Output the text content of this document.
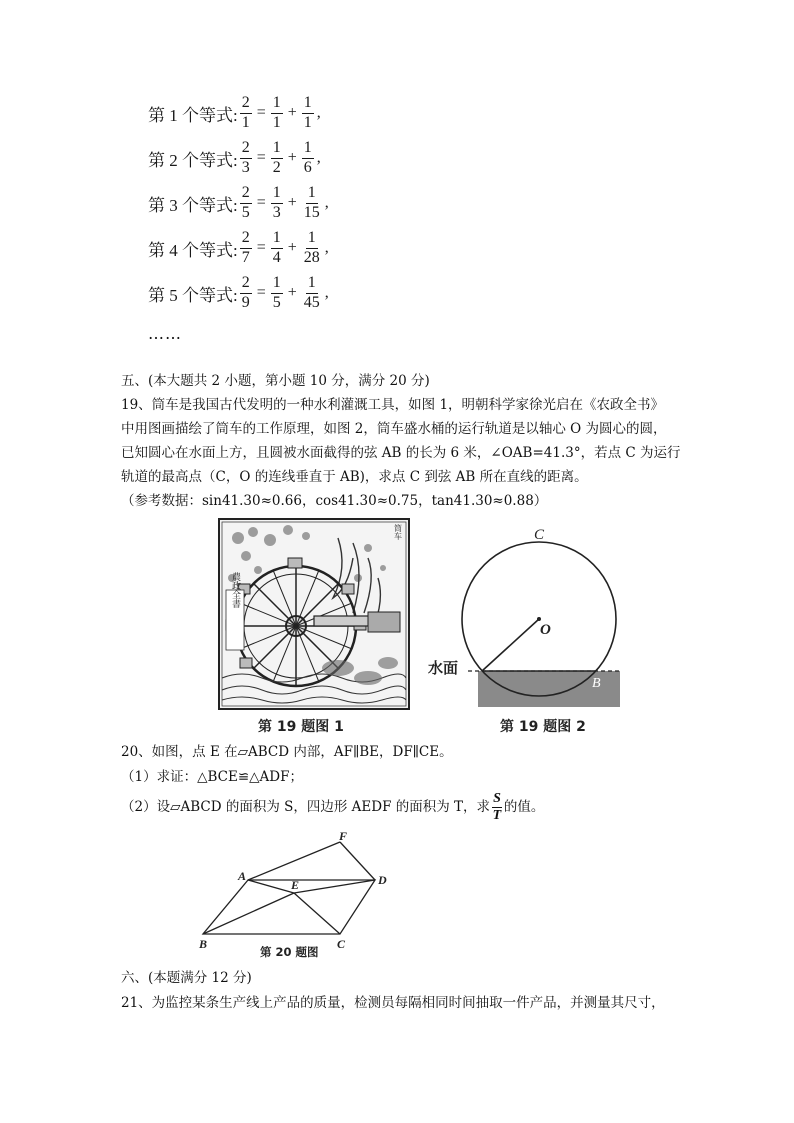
第 1 个等式: $\frac{2}{1} = \frac{1}{1} + \frac{1}{1}$ ,
第 2 个等式: $\frac{2}{3} = \frac{1}{2} + \frac{1}{6}$ ,
第 3 个等式: $\frac{2}{5} = \frac{1}{3} + \frac{1}{15}$ ,
第 4 个等式: $\frac{2}{7} = \frac{1}{4} + \frac{1}{28}$ ,
第 5 个等式: $\frac{2}{9} = \frac{1}{5} + \frac{1}{45}$ ,
……
五、(本大题共 2 小题，第小题 10 分，满分 20 分)
19、筒车是我国古代发明的一种水利灌溉工具，如图 1，明朝科学家徐光启在《农政全书》
中用图画描绘了筒车的工作原理，如图 2，筒车盛水桶的运行轨道是以轴心 O 为圆心的圆，
已知圆心在水面上方，且圆被水面截得的弦 AB 的长为 6 米，∠OAB=41.3°，若点 C 为运行
轨道的最高点（C，O 的连线垂直于 AB)，求点 C 到弦 AB 所在直线的距离。
（参考数据：sin41.30≈0.66，cos41.30≈0.75，tan41.30≈0.88）
農政全書
筒车
第 19 题图 1
C
O
A	B
水面
第 19 题图 2
20、如图，点 E 在▱ABCD 内部，AF∥BE，DF∥CE。
（1）求证：△BCE≌△ADF；
（2）设▱ABCD 的面积为 S，四边形 AEDF 的面积为 T，求 $\frac{S}{T}$ 的值。
A
B	C
D
E
F
第 20 题图
六、(本题满分 12 分)
21、为监控某条生产线上产品的质量，检测员每隔相同时间抽取一件产品，并测量其尺寸，
